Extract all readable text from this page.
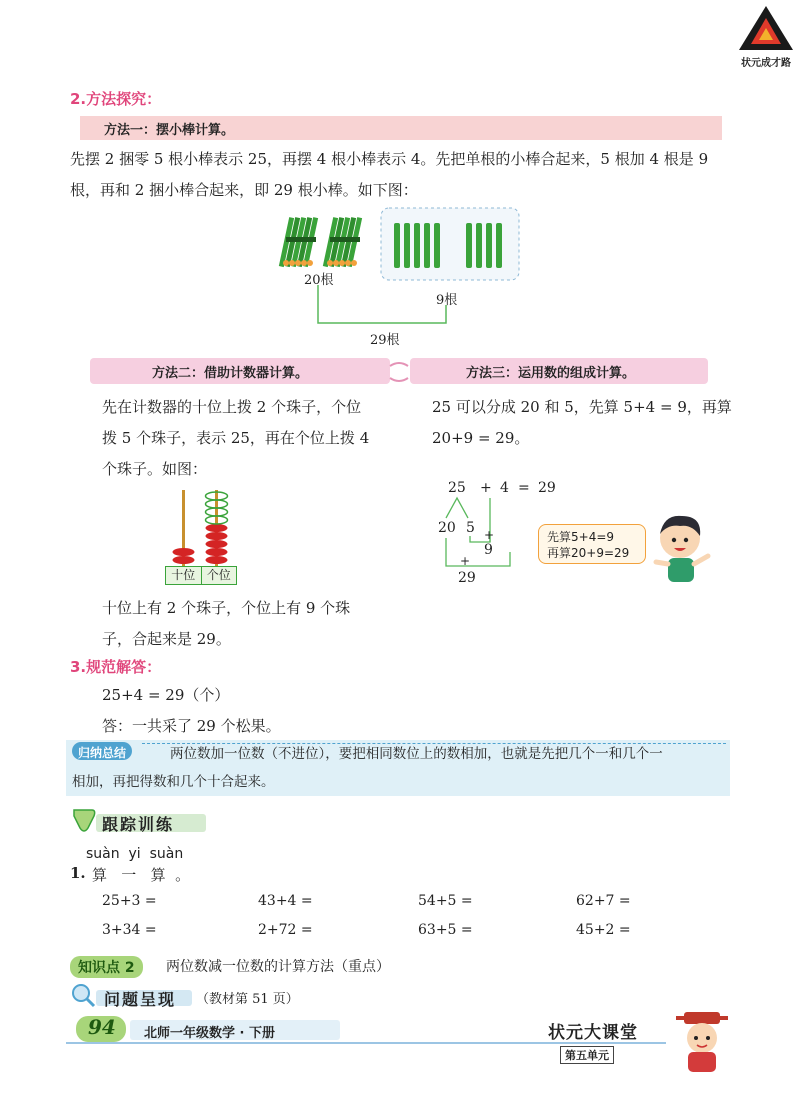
状元成才路
2.方法探究：
方法一：摆小棒计算。
先摆 2 捆零 5 根小棒表示 25，再摆 4 根小棒表示 4。先把单根的小棒合起来，5 根加 4 根是 9
根，再和 2 捆小棒合起来，即 29 根小棒。如下图：
20根
9根
29根
方法二：借助计数器计算。	方法三：运用数的组成计算。
先在计数器的十位上拨 2 个珠子，个位
拨 5 个珠子，表示 25，再在个位上拨 4
个珠子。如图：
十位 个位
十位上有 2 个珠子，个位上有 9 个珠
子，合起来是 29。
25 可以分成 20 和 5，先算 5+4 = 9，再算
20+9 = 29。
25 + 4 = 29
20 5 +
9
+
29
先算5+4=9
再算20+9=29
3.规范解答：
25+4 = 29（个）
答：一共采了 29 个松果。
归纳总结	两位数加一位数（不进位），要把相同数位上的数相加，也就是先把几个一和几个一
相加，再把得数和几个十合起来。
跟踪训练
suàn  yi  suàn
1. 算   一   算  。
25+3 =	43+4 =	54+5 =	62+7 =
3+34 =	2+72 =	63+5 =	45+2 =
知识点 2	两位数减一位数的计算方法（重点）
问题呈现 （教材第 51 页）
94 北师一年级数学 · 下册	状元大课堂
第五单元
